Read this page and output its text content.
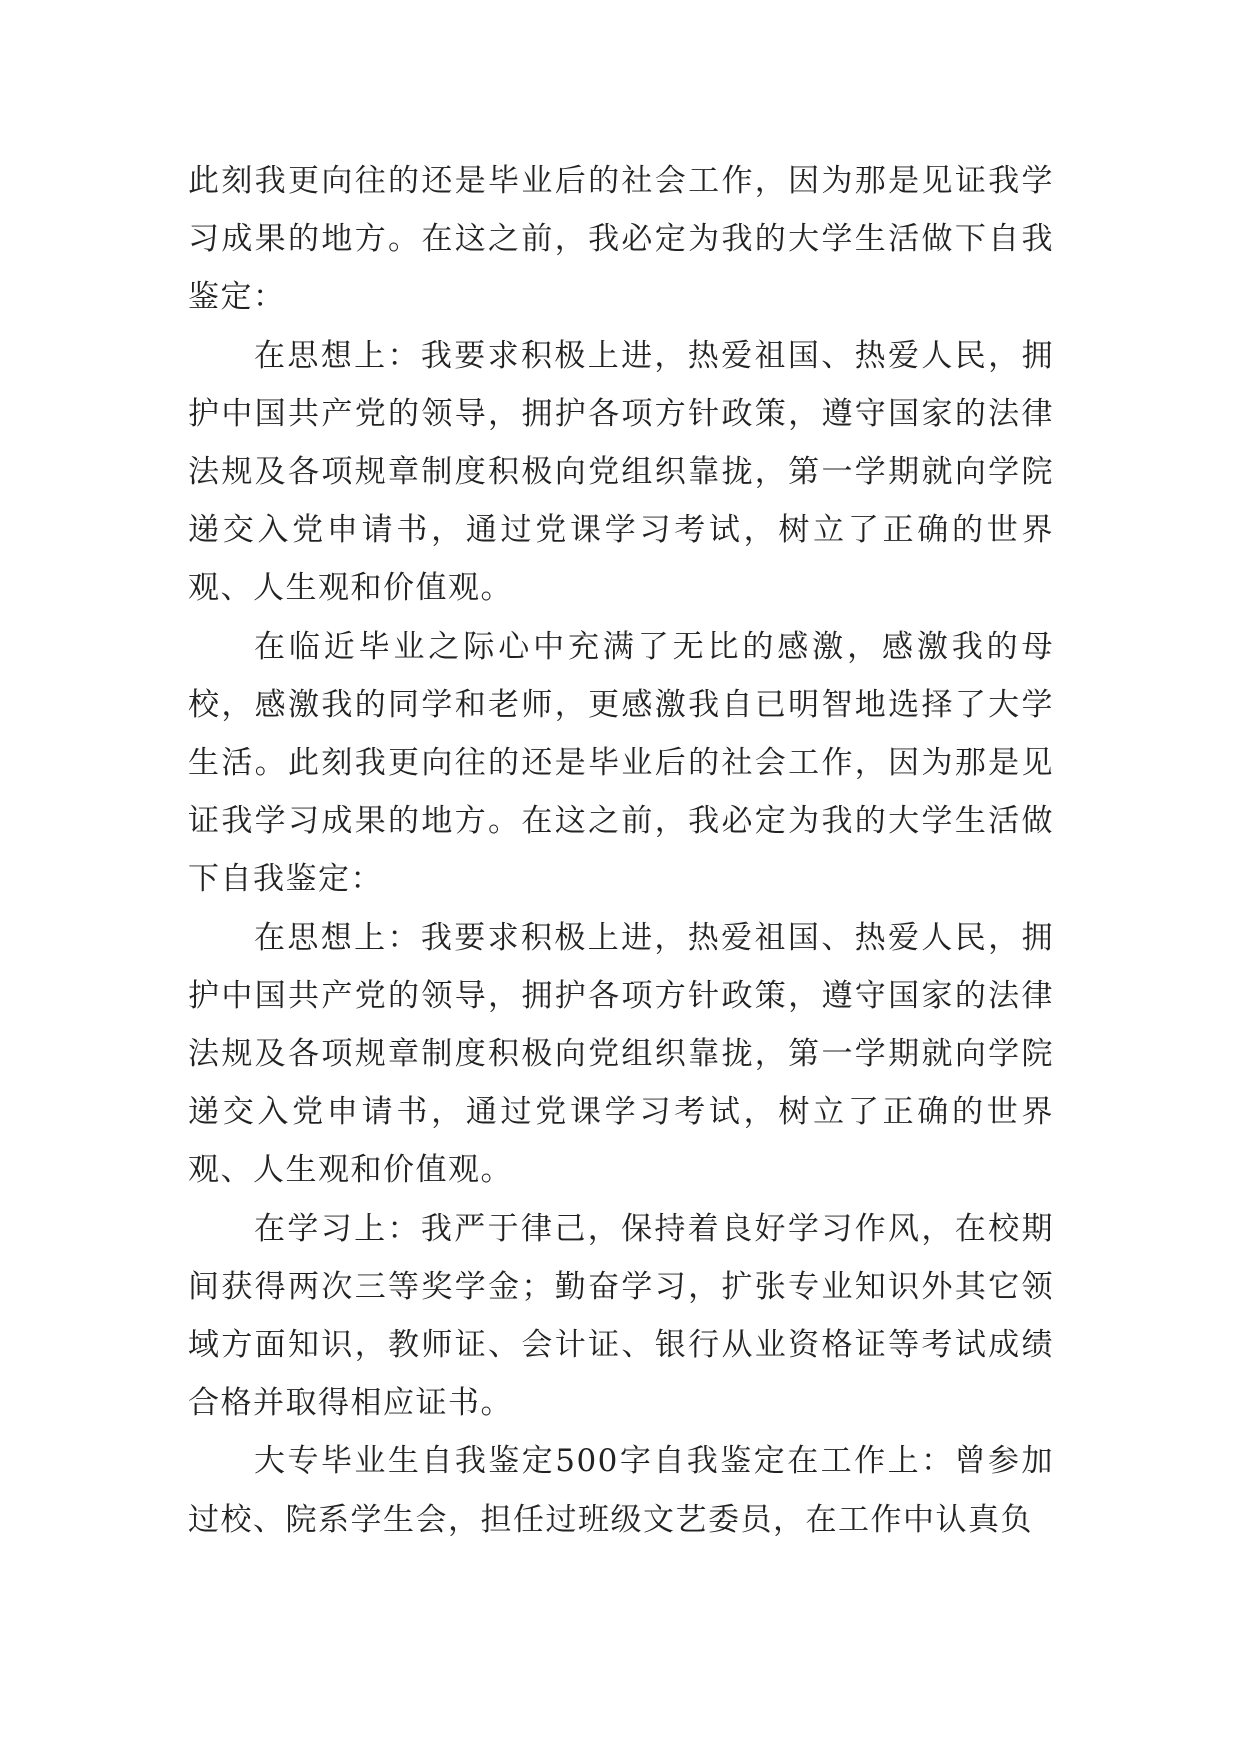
此刻我更向往的还是毕业后的社会工作，因为那是见证我学习成果的地方。在这之前，我必定为我的大学生活做下自我鉴定：

在思想上：我要求积极上进，热爱祖国、热爱人民，拥护中国共产党的领导，拥护各项方针政策，遵守国家的法律法规及各项规章制度积极向党组织靠拢，第一学期就向学院递交入党申请书，通过党课学习考试，树立了正确的世界观、人生观和价值观。

在临近毕业之际心中充满了无比的感激，感激我的母校，感激我的同学和老师，更感激我自已明智地选择了大学生活。此刻我更向往的还是毕业后的社会工作，因为那是见证我学习成果的地方。在这之前，我必定为我的大学生活做下自我鉴定：

在思想上：我要求积极上进，热爱祖国、热爱人民，拥护中国共产党的领导，拥护各项方针政策，遵守国家的法律法规及各项规章制度积极向党组织靠拢，第一学期就向学院递交入党申请书，通过党课学习考试，树立了正确的世界观、人生观和价值观。

在学习上：我严于律己，保持着良好学习作风，在校期间获得两次三等奖学金；勤奋学习，扩张专业知识外其它领域方面知识，教师证、会计证、银行从业资格证等考试成绩合格并取得相应证书。

大专毕业生自我鉴定500字自我鉴定在工作上：曾参加过校、院系学生会，担任过班级文艺委员，在工作中认真负
